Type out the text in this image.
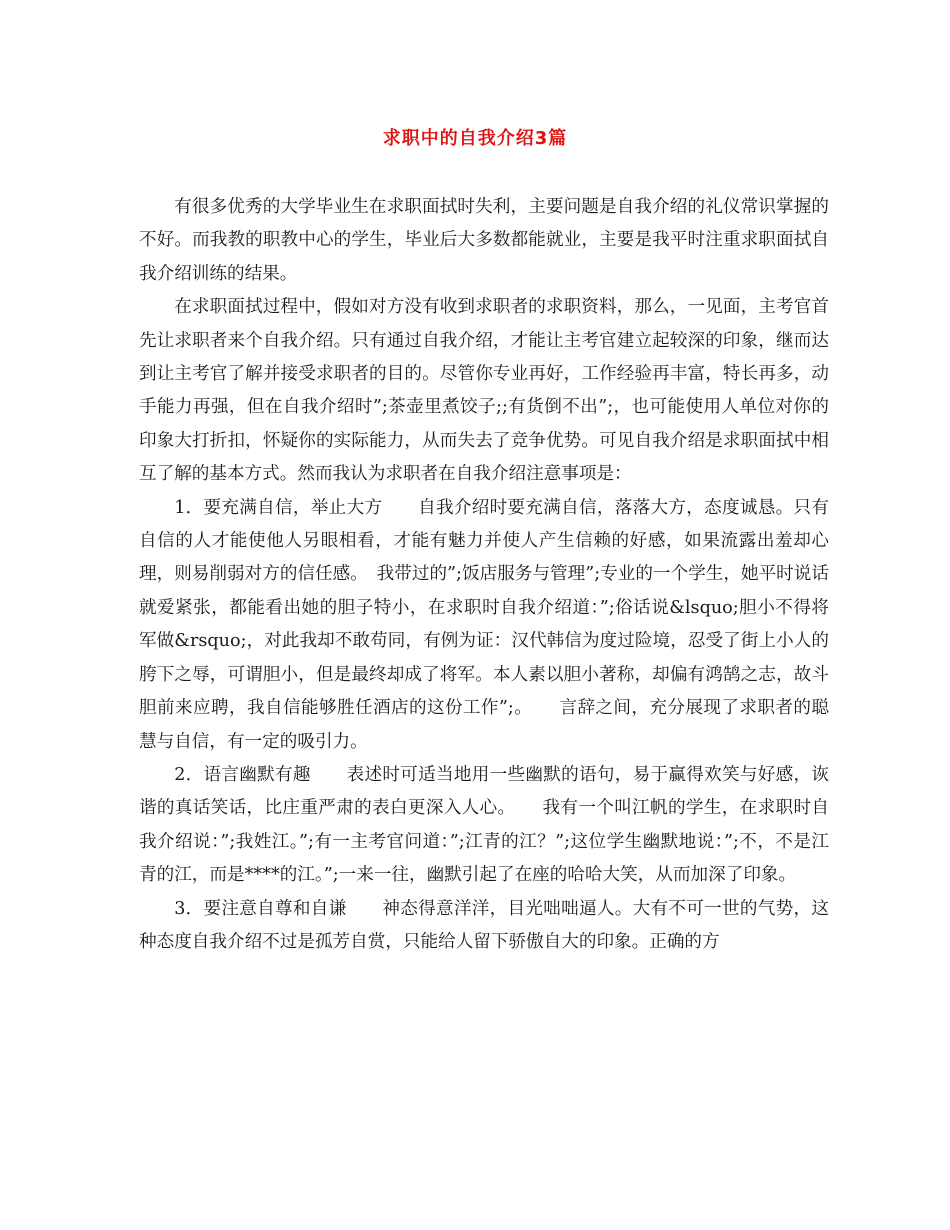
求职中的自我介绍3篇

有很多优秀的大学毕业生在求职面拭时失利，主要问题是自我介绍的礼仪常识掌握的不好。而我教的职教中心的学生，毕业后大多数都能就业，主要是我平时注重求职面拭自我介绍训练的结果。

在求职面拭过程中，假如对方没有收到求职者的求职资料，那么，一见面，主考官首先让求职者来个自我介绍。只有通过自我介绍，才能让主考官建立起较深的印象，继而达到让主考官了解并接受求职者的目的。尽管你专业再好，工作经验再丰富，特长再多，动手能力再强，但在自我介绍时”;茶壶里煮饺子;;有货倒不出”;，也可能使用人单位对你的印象大打折扣，怀疑你的实际能力，从而失去了竞争优势。可见自我介绍是求职面拭中相互了解的基本方式。然而我认为求职者在自我介绍注意事项是：

1．要充满自信，举止大方　　自我介绍时要充满自信，落落大方，态度诚恳。只有自信的人才能使他人另眼相看，才能有魅力并使人产生信赖的好感，如果流露出羞却心理，则易削弱对方的信任感。　我带过的”;饭店服务与管理”;专业的一个学生，她平时说话就爱紧张，都能看出她的胆子特小，在求职时自我介绍道：”;俗话说&lsquo;胆小不得将军做&rsquo;，对此我却不敢苟同，有例为证：汉代韩信为度过险境，忍受了街上小人的胯下之辱，可谓胆小，但是最终却成了将军。本人素以胆小著称，却偏有鸿鹄之志，故斗胆前来应聘，我自信能够胜任酒店的这份工作”;。　　言辞之间，充分展现了求职者的聪慧与自信，有一定的吸引力。

2．语言幽默有趣　　表述时可适当地用一些幽默的语句，易于赢得欢笑与好感，诙谐的真话笑话，比庄重严肃的表白更深入人心。　　我有一个叫江帆的学生，在求职时自我介绍说：”;我姓江。”;有一主考官问道：”;江青的江？”;这位学生幽默地说：”;不，不是江青的江，而是****的江。”;一来一往，幽默引起了在座的哈哈大笑，从而加深了印象。

3．要注意自尊和自谦　　神态得意洋洋，目光咄咄逼人。大有不可一世的气势，这种态度自我介绍不过是孤芳自赏，只能给人留下骄傲自大的印象。正确的方
